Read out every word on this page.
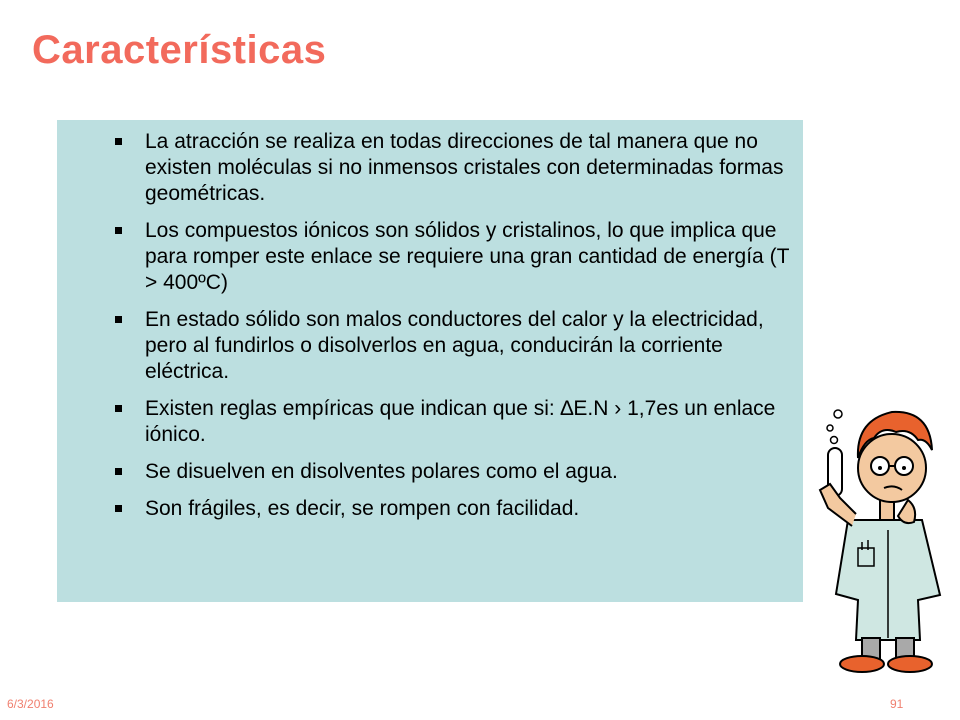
Características
La atracción se realiza en todas direcciones de tal manera que no existen moléculas si no inmensos cristales con determinadas formas geométricas.
Los compuestos iónicos son sólidos y cristalinos, lo que implica que para romper este enlace se requiere una gran cantidad de energía (T > 400ºC)
En estado sólido son malos conductores del calor y la electricidad, pero al fundirlos o disolverlos en agua, conducirán la corriente eléctrica.
Existen reglas empíricas que indican que si: ∆E.N › 1,7es un enlace iónico.
Se disuelven en disolventes polares como el agua.
Son frágiles, es decir, se rompen con facilidad.
6/3/2016	91
